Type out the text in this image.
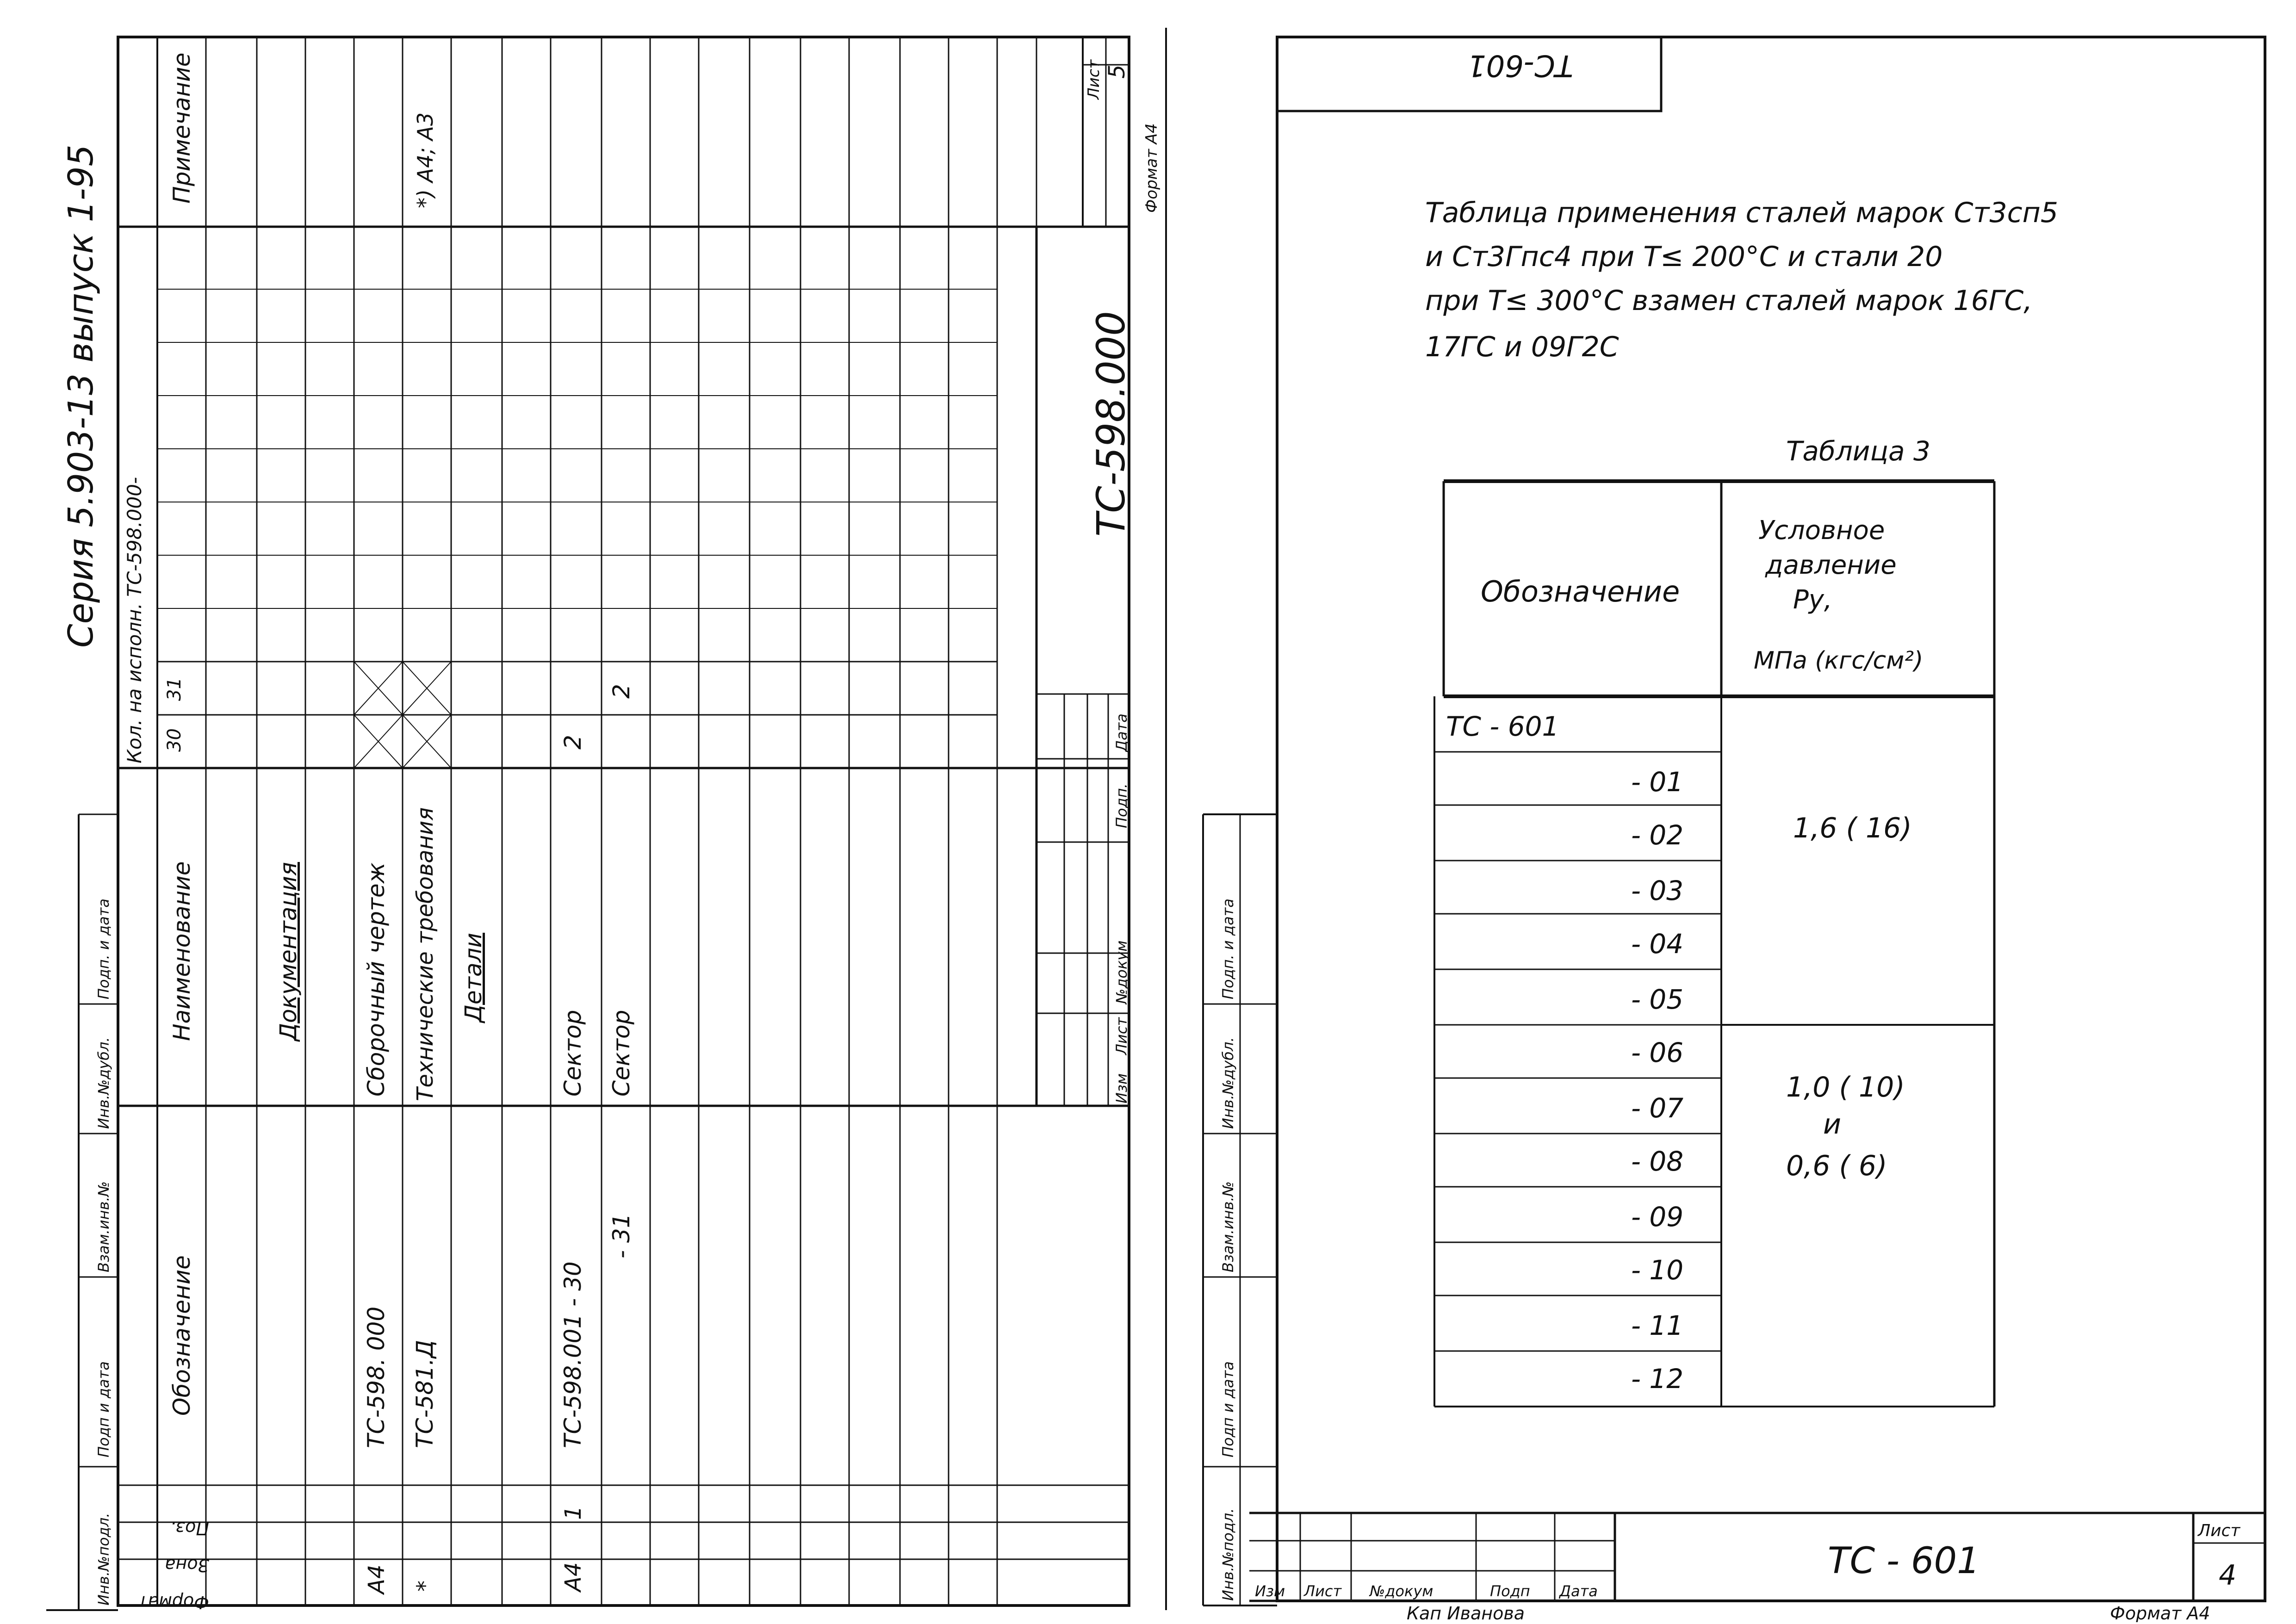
Серия 5.903-13 выпуск 1-95
Формат
Зона
Поз.
Обозначение
Наименование
Кол. на исполн. ТС-598.000- 30
31
Примечание
Документация
А4
ТС-598. 000
Сборочный чертеж
*
ТС-581.Д
Технические требования
*) А4; А3
Детали
А4
1
ТС-598.001 - 30
Сектор
2
- 31
Сектор
2
ТС-598.000
Лист 5
Формат А4
Изм
Лист
№докум
Подп.
Дата
Инв.№подл.
Подп и дата
Взам.инв.№
Инв.№дубл.
Подп. и дата
ТС-601
Таблица применения сталей марок Ст3сп5
и Ст3Гпс4 при Т≤ 200°С и стали 20
при Т≤ 300°С взамен сталей марок 16ГС,
17ГС и 09Г2С
Таблица 3
Обозначение
Условное
давление
Ру,
МПа (кгс/см²)
ТС - 601
- 01
- 02
- 03
- 04
- 05
- 06
- 07
- 08
- 09
- 10
- 11
- 12
1,6 ( 16)
1,0 ( 10)
и
0,6 ( 6)
Инв.№подл.
Подп и дата
Взам.инв.№
Инв.№дубл.
Подп. и дата
Изм Лист №докум	Подп Дата
Кап Иванова
ТС - 601
Лист
4
Формат А4
